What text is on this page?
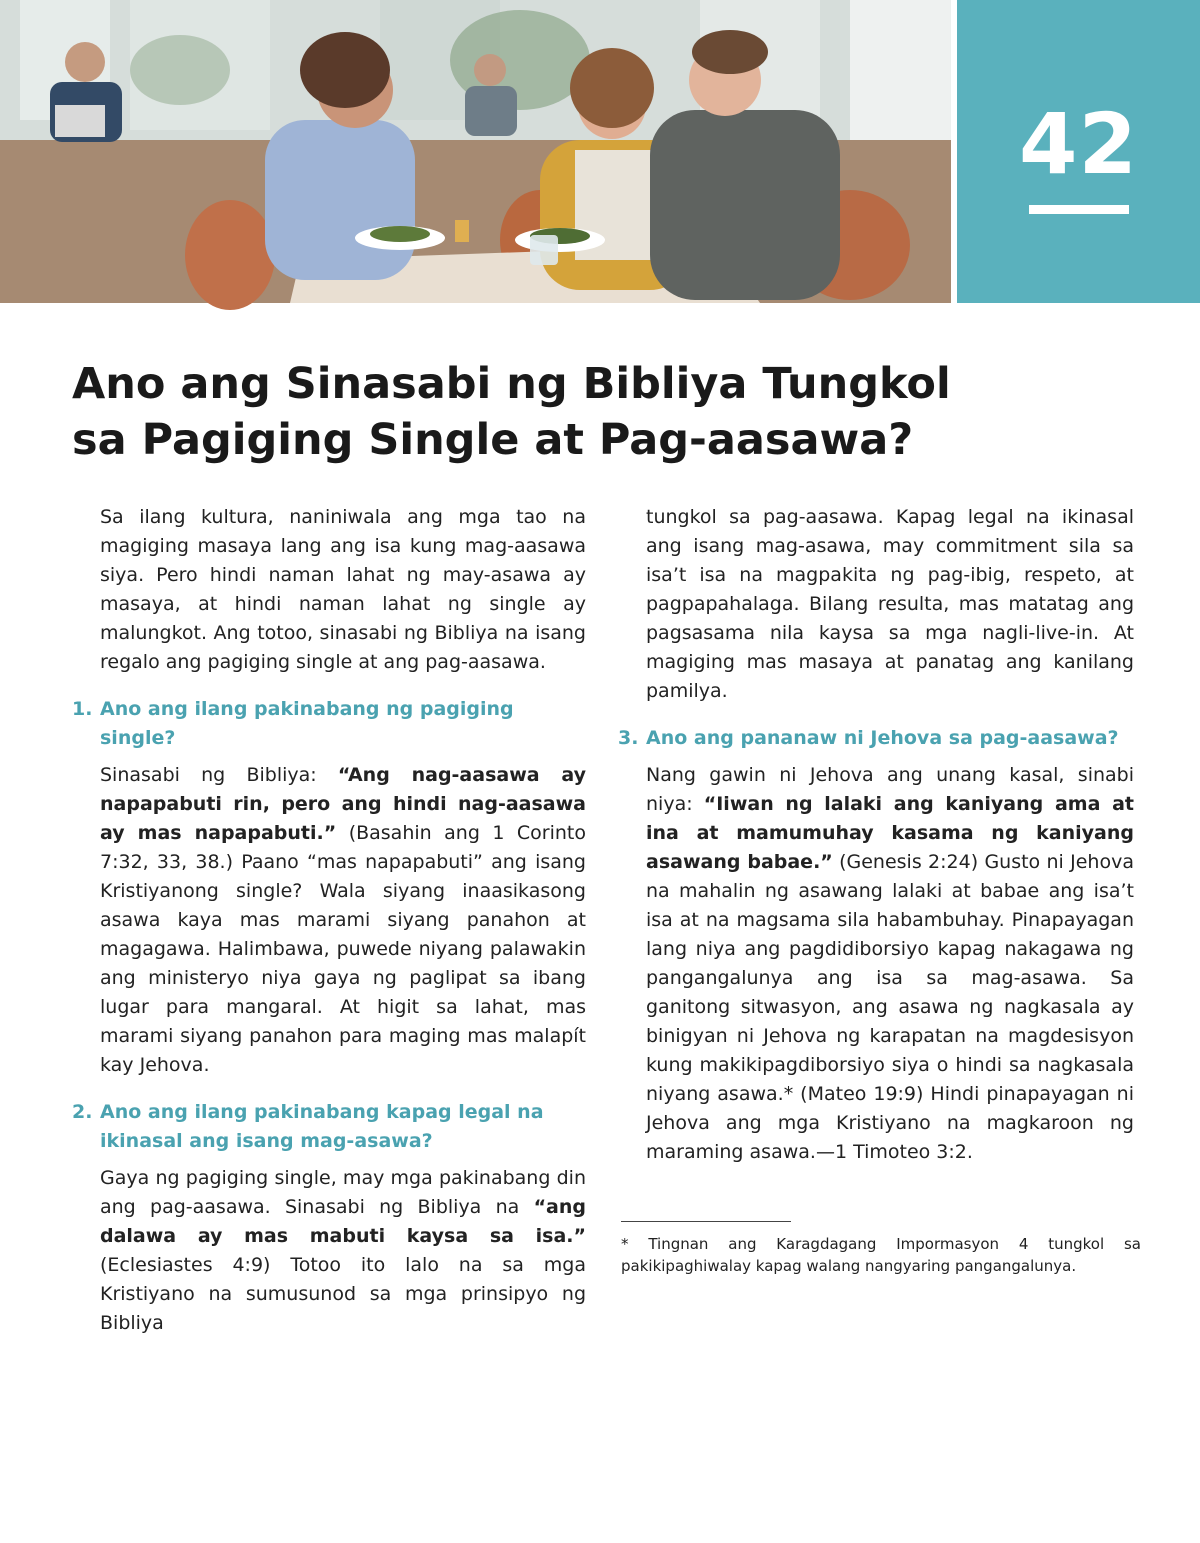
42
Ano ang Sinasabi ng Bibliya Tungkol
sa Pagiging Single at Pag-aasawa?

Sa ilang kultura, naniniwala ang mga tao na magiging masaya lang ang isa kung mag-aasawa siya. Pero hindi naman lahat ng may-asawa ay masaya, at hindi naman lahat ng single ay malungkot. Ang totoo, sinasabi ng Bibliya na isang regalo ang pagiging single at ang pag-aasawa.

1. Ano ang ilang pakinabang ng pagiging single?

Sinasabi ng Bibliya: “Ang nag-aasawa ay napapabuti rin, pero ang hindi nag-aasawa ay mas napapabuti.” (Basahin ang 1 Corinto 7:32, 33, 38.) Paano “mas napapabuti” ang isang Kristiyanong single? Wala siyang inaasikasong asawa kaya mas marami siyang panahon at magagawa. Halimbawa, puwede niyang palawakin ang ministeryo niya gaya ng paglipat sa ibang lugar para mangaral. At higit sa lahat, mas marami siyang panahon para maging mas malapít kay Jehova.

2. Ano ang ilang pakinabang kapag legal na
ikinasal ang isang mag-asawa?

Gaya ng pagiging single, may mga pakinabang din ang pag-aasawa. Sinasabi ng Bibliya na “ang dalawa ay mas mabuti kaysa sa isa.” (Eclesiastes 4:9) Totoo ito lalo na sa mga Kristiyano na sumusunod sa mga prinsipyo ng Bibliya

tungkol sa pag-aasawa. Kapag legal na ikinasal ang isang mag-asawa, may commitment sila sa isa’t isa na magpakita ng pag-ibig, respeto, at pagpapahalaga. Bilang resulta, mas matatag ang pagsasama nila kaysa sa mga nagli-live-in. At magiging mas masaya at panatag ang kanilang pamilya.

3. Ano ang pananaw ni Jehova sa pag-aasawa?

Nang gawin ni Jehova ang unang kasal, sinabi niya: “Iiwan ng lalaki ang kaniyang ama at ina at mamumuhay kasama ng kaniyang asawang babae.” (Genesis 2:24) Gusto ni Jehova na mahalin ng asawang lalaki at babae ang isa’t isa at na magsama sila habambuhay. Pinapayagan lang niya ang pagdidiborsiyo kapag nakagawa ng pangangalunya ang isa sa mag-asawa. Sa ganitong sitwasyon, ang asawa ng nagkasala ay binigyan ni Jehova ng karapatan na magdesisyon kung makikipagdiborsiyo siya o hindi sa nagkasala niyang asawa.* (Mateo 19:9) Hindi pinapayagan ni Jehova ang mga Kristiyano na magkaroon ng maraming asawa.—1 Timoteo 3:2.

* Tingnan ang Karagdagang Impormasyon 4 tungkol sa pakikipaghiwalay kapag walang nangyaring pangangalunya.
